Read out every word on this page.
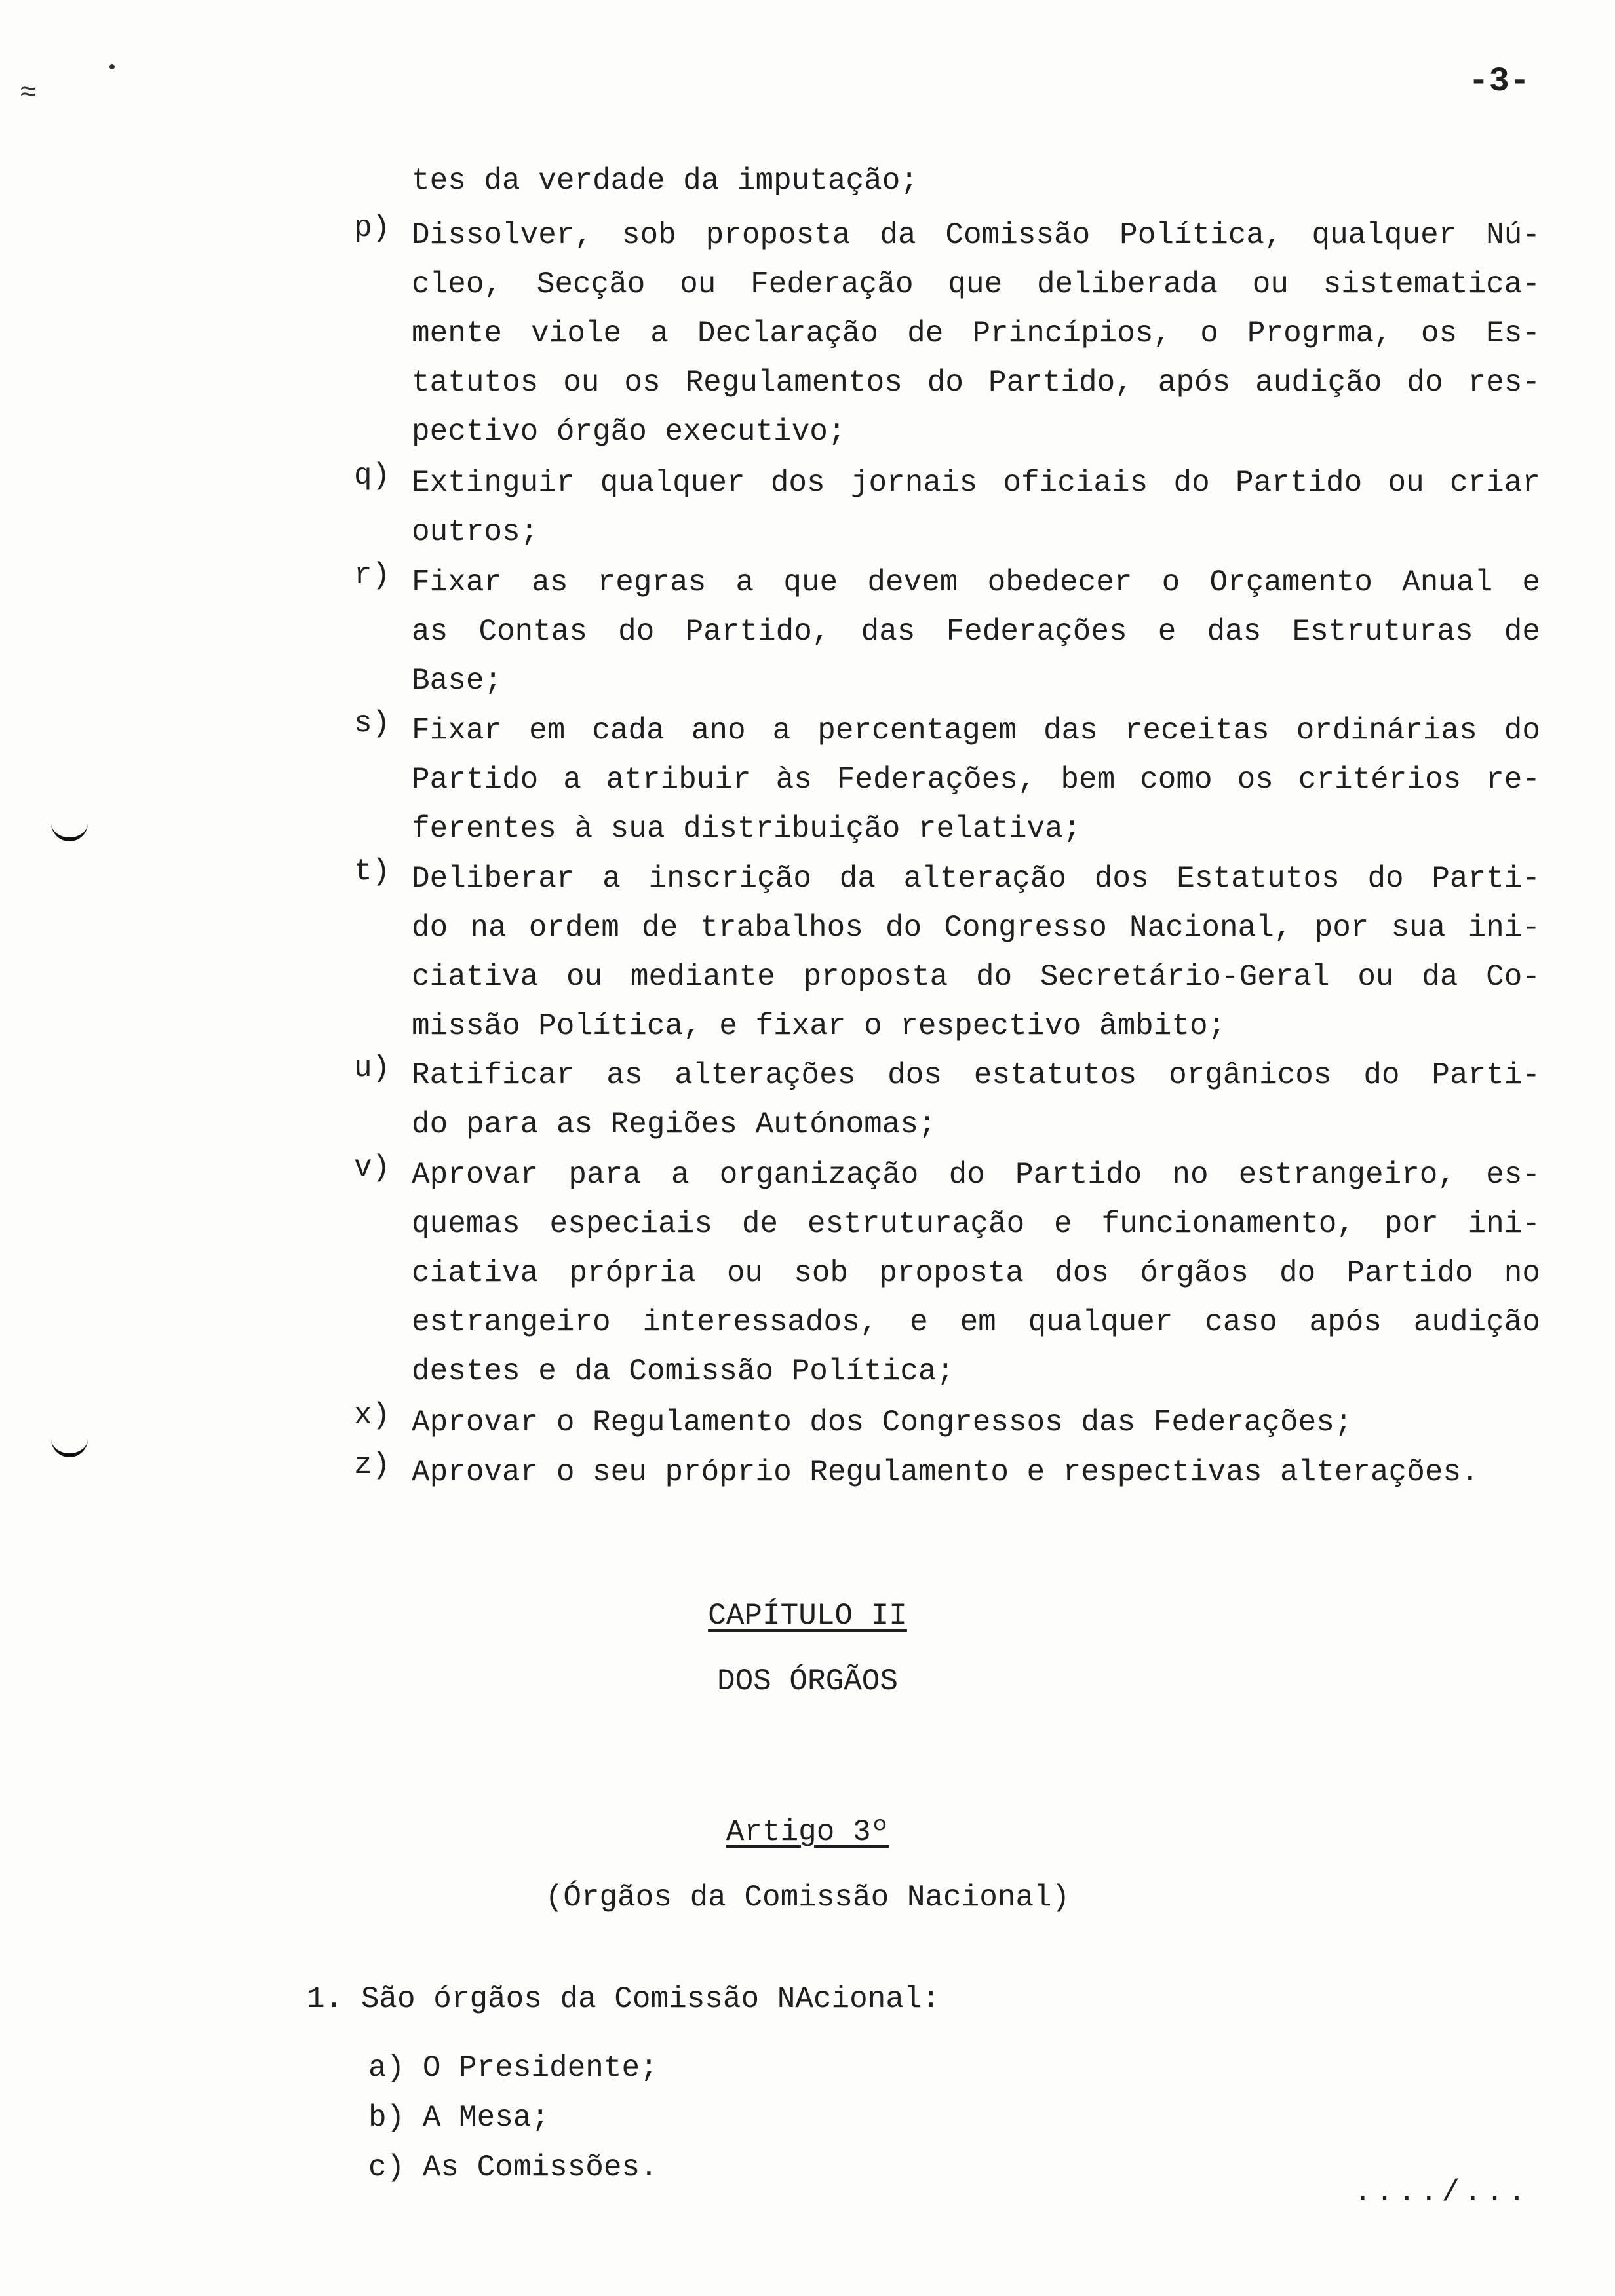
-3-
≈
•
tes da verdade da imputação;
p) Dissolver, sob proposta da Comissão Política, qualquer Nú-
cleo, Secção ou Federação que deliberada ou sistematica-
mente viole a Declaração de Princípios, o Progrma, os Es-
tatutos ou os Regulamentos do Partido, após audição do res-
pectivo órgão executivo;
q) Extinguir qualquer dos jornais oficiais do Partido ou criar
outros;
r) Fixar as regras a que devem obedecer o Orçamento Anual e
as Contas do Partido, das Federações e das Estruturas de
Base;
s) Fixar em cada ano a percentagem das receitas ordinárias do
Partido a atribuir às Federações, bem como os critérios re-
ferentes à sua distribuição relativa;
t) Deliberar a inscrição da alteração dos Estatutos do Parti-
do na ordem de trabalhos do Congresso Nacional, por sua ini-
ciativa ou mediante proposta do Secretário-Geral ou da Co-
missão Política, e fixar o respectivo âmbito;
u) Ratificar as alterações dos estatutos orgânicos do Parti-
do para as Regiões Autónomas;
v) Aprovar para a organização do Partido no estrangeiro, es-
quemas especiais de estruturação e funcionamento, por ini-
ciativa própria ou sob proposta dos órgãos do Partido no
estrangeiro interessados, e em qualquer caso após audição
destes e da Comissão Política;
x) Aprovar o Regulamento dos Congressos das Federações;
z) Aprovar o seu próprio Regulamento e respectivas alterações.
CAPÍTULO II
DOS ÓRGÃOS
Artigo 3º
(Órgãos da Comissão Nacional)
1. São órgãos da Comissão NAcional:
a) O Presidente;
b) A Mesa;
c) As Comissões.
..../...
